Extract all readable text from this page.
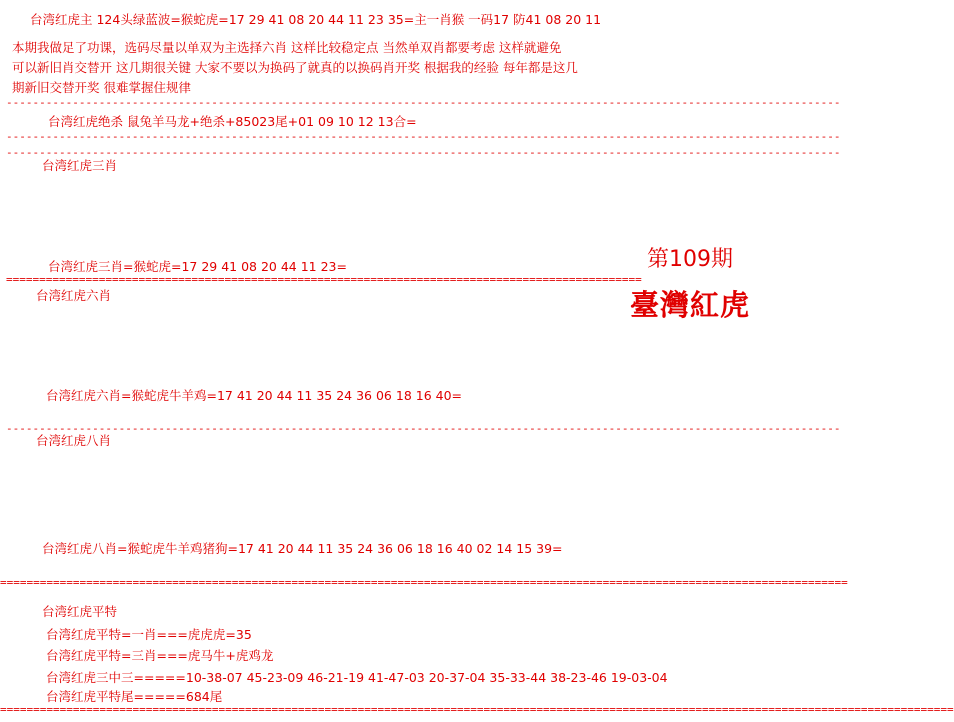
台湾红虎主 124头绿蓝波=猴蛇虎=17 29 41 08 20 44 11 23 35=主一肖猴 一码17 防41 08 20 11
本期我做足了功课，选码尽量以单双为主选择六肖 这样比较稳定点 当然单双肖都要考虑 这样就避免
可以新旧肖交替开 这几期很关键 大家不要以为换码了就真的以换码肖开奖 根据我的经验 每年都是这几
期新旧交替开奖 很难掌握住规律
------------------------------------------------------------------------------------------------------------------------------
台湾红虎绝杀 鼠兔羊马龙+绝杀+85023尾+01 09 10 12 13合=
------------------------------------------------------------------------------------------------------------------------------
------------------------------------------------------------------------------------------------------------------------------
台湾红虎三肖
台湾红虎三肖=猴蛇虎=17 29 41 08 20 44 11 23=
================================================================================================
台湾红虎六肖
台湾红虎六肖=猴蛇虎牛羊鸡=17 41 20 44 11 35 24 36 06 18 16 40=
------------------------------------------------------------------------------------------------------------------------------
台湾红虎八肖
台湾红虎八肖=猴蛇虎牛羊鸡猪狗=17 41 20 44 11 35 24 36 06 18 16 40 02 14 15 39=
================================================================================================================================
台湾红虎平特
台湾红虎平特=一肖===虎虎虎=35
台湾红虎平特=三肖===虎马牛+虎鸡龙
台湾红虎三中三=====10-38-07 45-23-09 46-21-19 41-47-03 20-37-04 35-33-44 38-23-46 19-03-04
台湾红虎平特尾=====684尾
================================================================================================================================================
第109期
臺灣紅虎
